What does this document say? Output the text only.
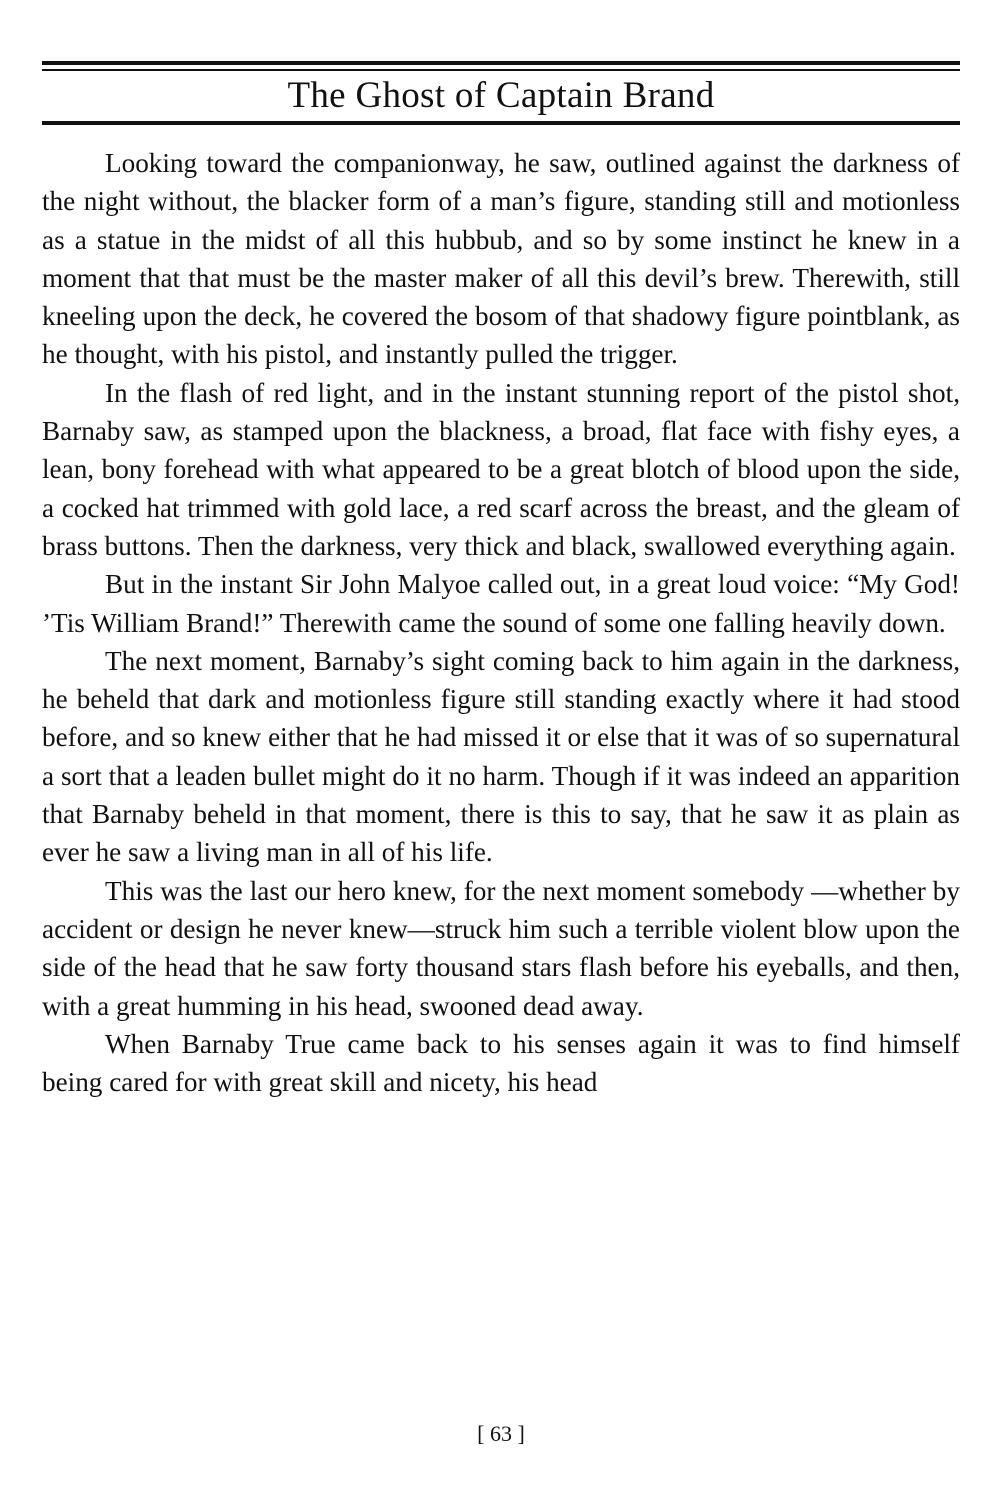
The Ghost of Captain Brand

Looking toward the companionway, he saw, outlined against the darkness of the night without, the blacker form of a man’s figure, standing still and motionless as a statue in the midst of all this hubbub, and so by some instinct he knew in a moment that that must be the master maker of all this devil’s brew. Therewith, still kneeling upon the deck, he covered the bosom of that shadowy figure pointblank, as he thought, with his pistol, and instantly pulled the trigger.

In the flash of red light, and in the instant stunning report of the pistol shot, Barnaby saw, as stamped upon the blackness, a broad, flat face with fishy eyes, a lean, bony forehead with what appeared to be a great blotch of blood upon the side, a cocked hat trimmed with gold lace, a red scarf across the breast, and the gleam of brass buttons. Then the darkness, very thick and black, swallowed everything again.

But in the instant Sir John Malyoe called out, in a great loud voice: “My God! ’Tis William Brand!” Therewith came the sound of some one falling heavily down.

The next moment, Barnaby’s sight coming back to him again in the darkness, he beheld that dark and motionless figure still standing exactly where it had stood before, and so knew either that he had missed it or else that it was of so supernatural a sort that a leaden bullet might do it no harm. Though if it was indeed an apparition that Barnaby beheld in that moment, there is this to say, that he saw it as plain as ever he saw a living man in all of his life.

This was the last our hero knew, for the next moment somebody —whether by accident or design he never knew—struck him such a terrible violent blow upon the side of the head that he saw forty thousand stars flash before his eyeballs, and then, with a great humming in his head, swooned dead away.

When Barnaby True came back to his senses again it was to find himself being cared for with great skill and nicety, his head

[ 63 ]
